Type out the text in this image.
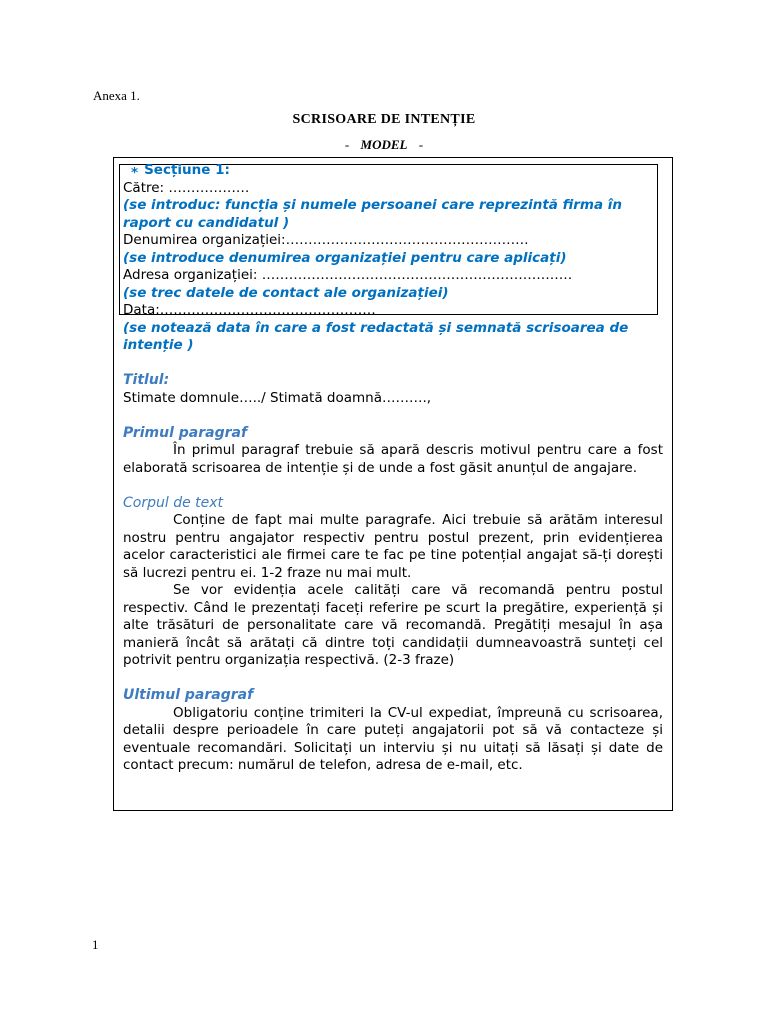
Anexa 1.
SCRISOARE DE INTENȚIE
- MODEL -
* Secțiune 1:

Către: ………………

(se introduc: funcția și numele persoanei care reprezintă firma în raport cu candidatul )

Denumirea organizației:………………………………………………

(se introduce denumirea organizației pentru care aplicați)

Adresa organizației: ……………………………………………………………

(se trec datele de contact ale organizației)

Data:…………………………………………

(se notează data în care a fost redactată și semnată scrisoarea de intenție )

Titlul:

Stimate domnule…../ Stimată doamnă……….,

Primul paragraf

În primul paragraf trebuie să apară descris motivul pentru care a fost elaborată scrisoarea de intenție și de unde a fost găsit anunțul de angajare.

Corpul de text

Conține de fapt mai multe paragrafe. Aici trebuie să arătăm interesul nostru pentru angajator respectiv pentru postul prezent, prin evidențierea acelor caracteristici ale firmei care te fac pe tine potențial angajat să-ți dorești să lucrezi pentru ei. 1-2 fraze nu mai mult.

Se vor evidenția acele calități care vă recomandă pentru postul respectiv. Când le prezentați faceți referire pe scurt la pregătire, experiență și alte trăsături de personalitate care vă recomandă. Pregătiți mesajul în așa manieră încât să arătați că dintre toți candidații dumneavoastră sunteți cel potrivit pentru organizația respectivă. (2-3 fraze)

Ultimul paragraf

Obligatoriu conține trimiteri la CV-ul expediat, împreună cu scrisoarea, detalii despre perioadele în care puteți angajatorii pot să vă contacteze și eventuale recomandări. Solicitați un interviu și nu uitați să lăsați și date de contact precum: numărul de telefon, adresa de e-mail, etc.

1
